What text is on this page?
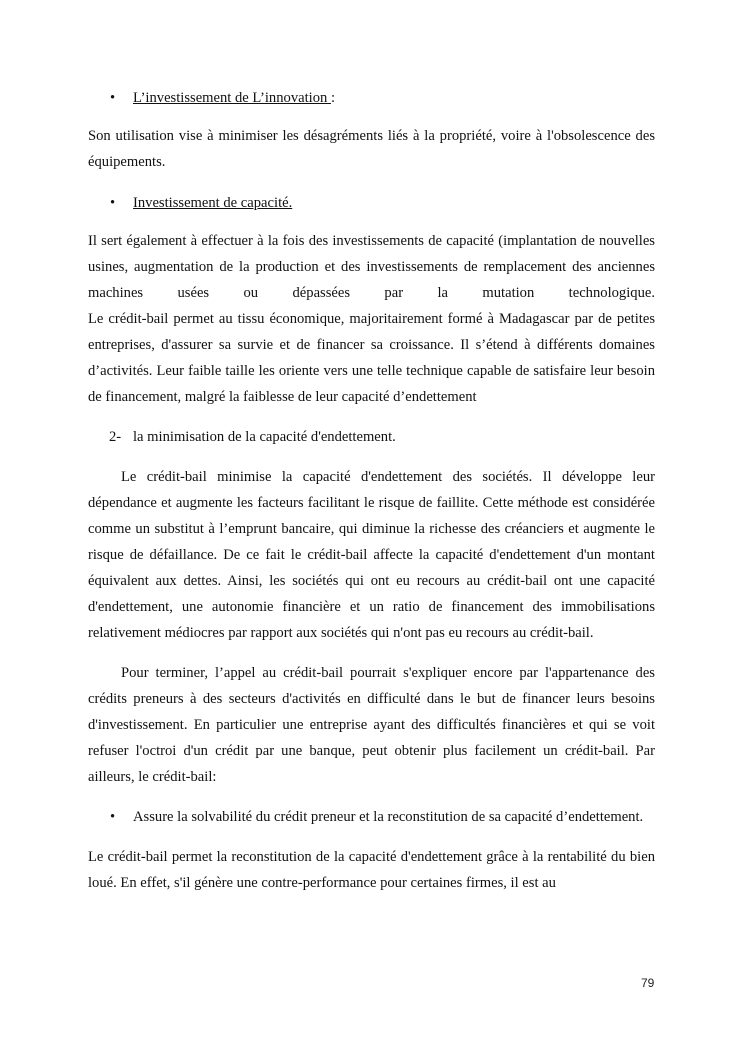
• L’investissement de L’innovation :

Son utilisation vise à minimiser les désagréments liés à la propriété, voire à l'obsolescence des équipements.

• Investissement de capacité.

Il sert également à effectuer à la fois des investissements de capacité (implantation de nouvelles usines, augmentation de la production et des investissements de remplacement des anciennes machines usées ou dépassées par la mutation technologique.

Le crédit-bail permet au tissu économique, majoritairement formé à Madagascar par de petites entreprises, d'assurer sa survie et de financer sa croissance. Il s’étend à différents domaines d’activités. Leur faible taille les oriente vers une telle technique capable de satisfaire leur besoin de financement, malgré la faiblesse de leur capacité d’endettement

2- la minimisation de la capacité d'endettement.

Le crédit-bail minimise la capacité d'endettement des sociétés. Il développe leur dépendance et augmente les facteurs facilitant le risque de faillite. Cette méthode est considérée comme un substitut à l’emprunt bancaire, qui diminue la richesse des créanciers et augmente le risque de défaillance. De ce fait le crédit-bail affecte la capacité d'endettement d'un montant équivalent aux dettes. Ainsi, les sociétés qui ont eu recours au crédit-bail ont une capacité d'endettement, une autonomie financière et un ratio de financement des immobilisations relativement médiocres par rapport aux sociétés qui n'ont pas eu recours au crédit-bail.

Pour terminer, l’appel au crédit-bail pourrait s'expliquer encore par l'appartenance des crédits preneurs à des secteurs d'activités en difficulté dans le but de financer leurs besoins d'investissement. En particulier une entreprise ayant des difficultés financières et qui se voit refuser l'octroi d'un crédit par une banque, peut obtenir plus facilement un crédit-bail. Par ailleurs, le crédit-bail:

• Assure la solvabilité du crédit preneur et la reconstitution de sa capacité d’endettement.

Le crédit-bail permet la reconstitution de la capacité d'endettement grâce à la rentabilité du bien loué. En effet, s'il génère une contre-performance pour certaines firmes, il est au

79
